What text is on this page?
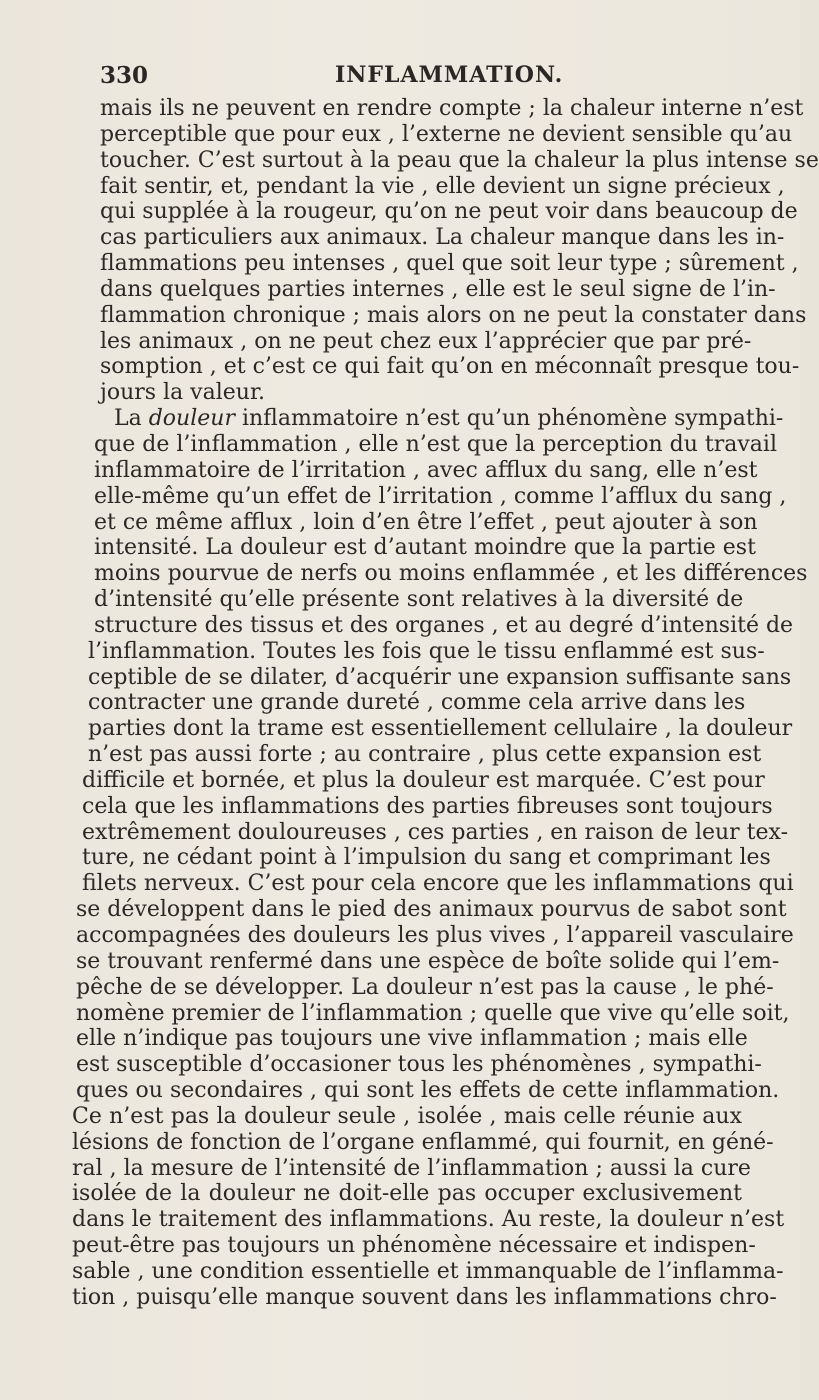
330	INFLAMMATION.
mais ils ne peuvent en rendre compte ; la chaleur interne n’est
perceptible que pour eux , l’externe ne devient sensible qu’au
toucher. C’est surtout à la peau que la chaleur la plus intense se
fait sentir, et, pendant la vie , elle devient un signe précieux ,
qui supplée à la rougeur, qu’on ne peut voir dans beaucoup de
cas particuliers aux animaux. La chaleur manque dans les in-
flammations peu intenses , quel que soit leur type ; sûrement ,
dans quelques parties internes , elle est le seul signe de l’in-
flammation chronique ; mais alors on ne peut la constater dans
les animaux , on ne peut chez eux l’apprécier que par pré-
somption , et c’est ce qui fait qu’on en méconnaît presque tou-
jours la valeur.
La douleur inflammatoire n’est qu’un phénomène sympathi-
que de l’inflammation , elle n’est que la perception du travail
inflammatoire de l’irritation , avec afflux du sang, elle n’est
elle-même qu’un effet de l’irritation , comme l’afflux du sang ,
et ce même afflux , loin d’en être l’effet , peut ajouter à son
intensité. La douleur est d’autant moindre que la partie est
moins pourvue de nerfs ou moins enflammée , et les différences
d’intensité qu’elle présente sont relatives à la diversité de
structure des tissus et des organes , et au degré d’intensité de
l’inflammation. Toutes les fois que le tissu enflammé est sus-
ceptible de se dilater, d’acquérir une expansion suffisante sans
contracter une grande dureté , comme cela arrive dans les
parties dont la trame est essentiellement cellulaire , la douleur
n’est pas aussi forte ; au contraire , plus cette expansion est
difficile et bornée, et plus la douleur est marquée. C’est pour
cela que les inflammations des parties fibreuses sont toujours
extrêmement douloureuses , ces parties , en raison de leur tex-
ture, ne cédant point à l’impulsion du sang et comprimant les
filets nerveux. C’est pour cela encore que les inflammations qui
se développent dans le pied des animaux pourvus de sabot sont
accompagnées des douleurs les plus vives , l’appareil vasculaire
se trouvant renfermé dans une espèce de boîte solide qui l’em-
pêche de se développer. La douleur n’est pas la cause , le phé-
nomène premier de l’inflammation ; quelle que vive qu’elle soit,
elle n’indique pas toujours une vive inflammation ; mais elle
est susceptible d’occasioner tous les phénomènes , sympathi-
ques ou secondaires , qui sont les effets de cette inflammation.
Ce n’est pas la douleur seule , isolée , mais celle réunie aux
lésions de fonction de l’organe enflammé, qui fournit, en géné-
ral , la mesure de l’intensité de l’inflammation ; aussi la cure
isolée de la douleur ne doit-elle pas occuper exclusivement
dans le traitement des inflammations. Au reste, la douleur n’est
peut-être pas toujours un phénomène nécessaire et indispen-
sable , une condition essentielle et immanquable de l’inflamma-
tion , puisqu’elle manque souvent dans les inflammations chro-
